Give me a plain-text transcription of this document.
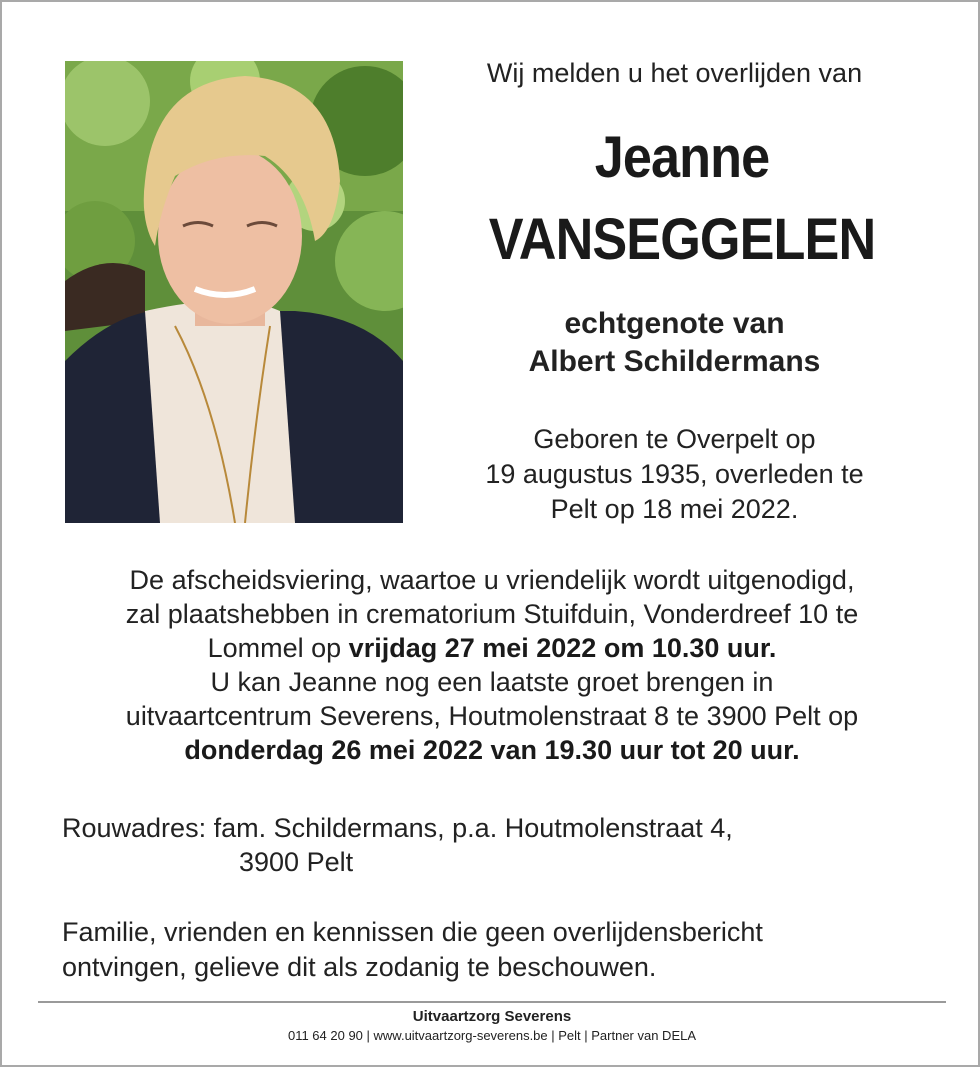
Wij melden u het overlijden van
Jeanne
VANSEGGELEN
echtgenote van
Albert Schildermans
Geboren te Overpelt op
19 augustus 1935, overleden te
Pelt op 18 mei 2022.
De afscheidsviering, waartoe u vriendelijk wordt uitgenodigd,
zal plaatshebben in crematorium Stuifduin, Vonderdreef 10 te
Lommel op vrijdag 27 mei 2022 om 10.30 uur.
U kan Jeanne nog een laatste groet brengen in
uitvaartcentrum Severens, Houtmolenstraat 8 te 3900 Pelt op
donderdag 26 mei 2022 van 19.30 uur tot 20 uur.
Rouwadres: fam. Schildermans, p.a. Houtmolenstraat 4,
3900 Pelt
Familie, vrienden en kennissen die geen overlijdensbericht
ontvingen, gelieve dit als zodanig te beschouwen.
Uitvaartzorg Severens
011 64 20 90 | www.uitvaartzorg-severens.be | Pelt | Partner van DELA
